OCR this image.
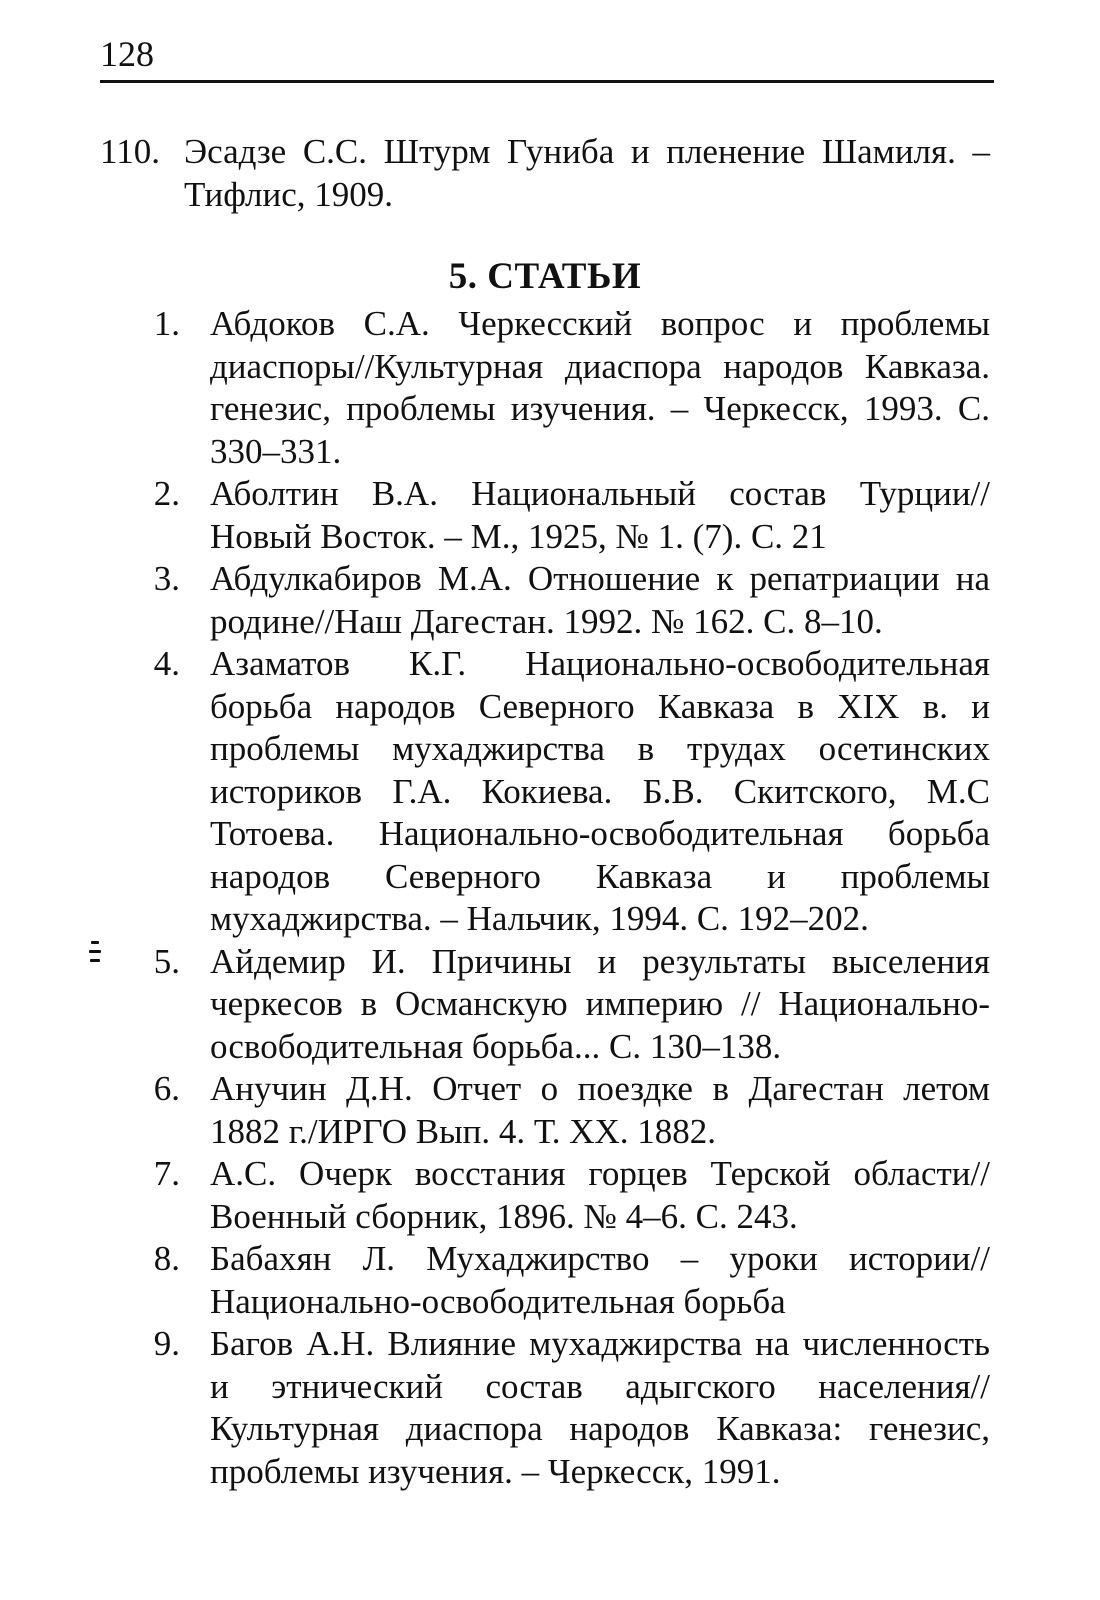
128
110. Эсадзе С.С. Штурм Гуниба и пленение Шамиля. – Тифлис, 1909.
5. СТАТЬИ
1. Абдоков С.А. Черкесский вопрос и проблемы диаспоры//Культурная диаспора народов Кавказа. генезис, проблемы изучения. – Черкесск, 1993. С. 330–331.
2. Аболтин В.А. Национальный состав Турции//Новый Восток. – М., 1925, № 1. (7). С. 21
3. Абдулкабиров М.А. Отношение к репатриации на родине//Наш Дагестан. 1992. № 162. С. 8–10.
4. Азаматов К.Г. Национально-освободительная борьба народов Северного Кавказа в XIX в. и проблемы мухаджирства в трудах осетинских историков Г.А. Кокиева. Б.В. Скитского, М.С Тотоева. Национально-освободительная борьба народов Северного Кавказа и проблемы мухаджирства. – Нальчик, 1994. С. 192–202.
5. Айдемир И. Причины и результаты выселения черкесов в Османскую империю // Национально-освободительная борьба... С. 130–138.
6. Анучин Д.Н. Отчет о поездке в Дагестан летом 1882 г./ИРГО Вып. 4. Т. XX. 1882.
7. А.С. Очерк восстания горцев Терской области//Военный сборник, 1896. № 4–6. С. 243.
8. Бабахян Л. Мухаджирство – уроки истории//Национально-освободительная борьба
9. Багов А.Н. Влияние мухаджирства на численность и этнический состав адыгского населения//Культурная диаспора народов Кавказа: генезис, проблемы изучения. – Черкесск, 1991.
